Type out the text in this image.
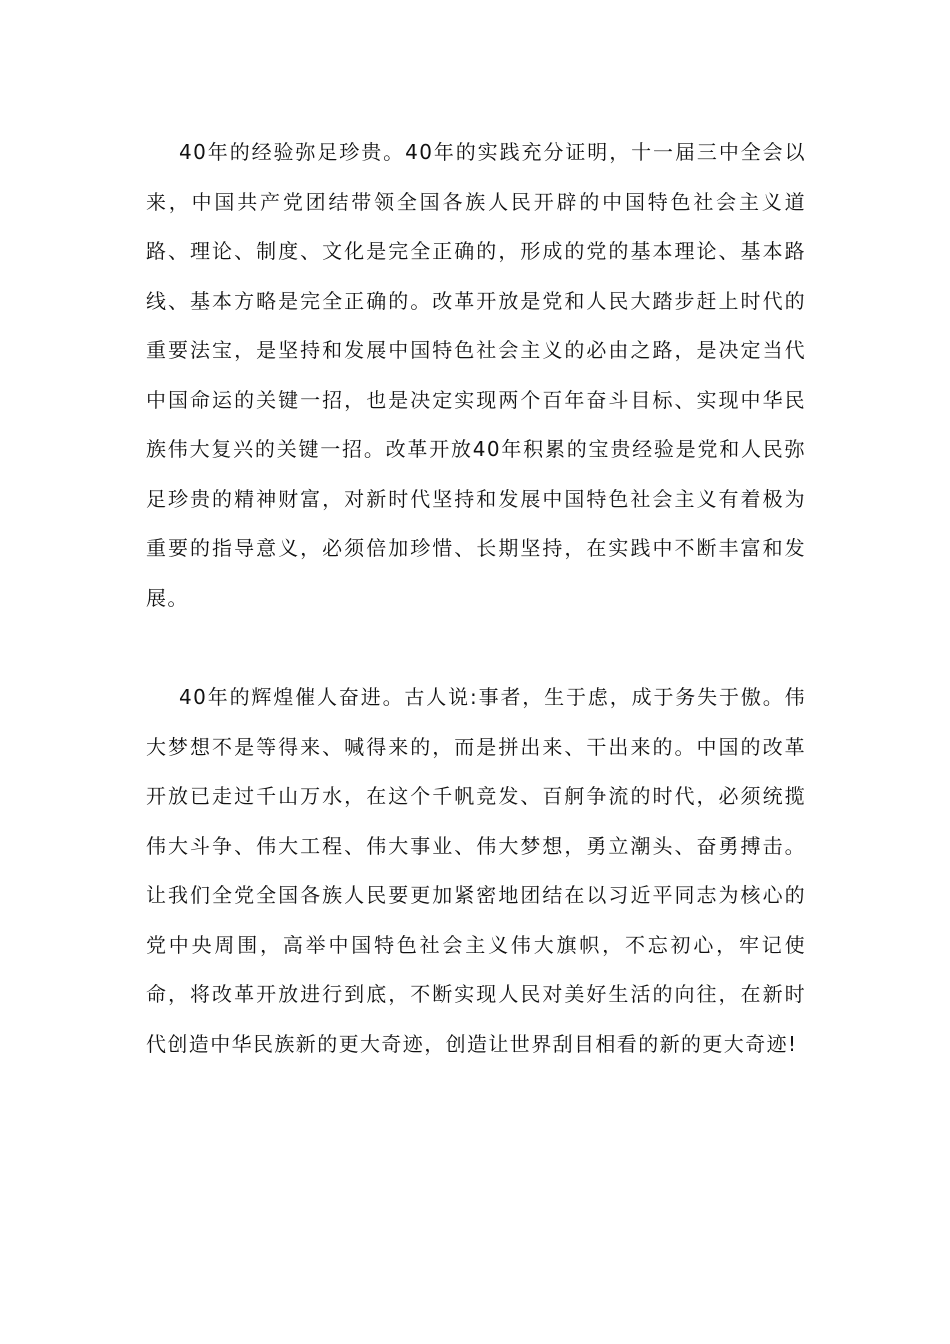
40年的经验弥足珍贵。40年的实践充分证明，十一届三中全会以来，中国共产党团结带领全国各族人民开辟的中国特色社会主义道路、理论、制度、文化是完全正确的，形成的党的基本理论、基本路线、基本方略是完全正确的。改革开放是党和人民大踏步赶上时代的重要法宝，是坚持和发展中国特色社会主义的必由之路，是决定当代中国命运的关键一招，也是决定实现两个百年奋斗目标、实现中华民族伟大复兴的关键一招。改革开放40年积累的宝贵经验是党和人民弥足珍贵的精神财富，对新时代坚持和发展中国特色社会主义有着极为重要的指导意义，必须倍加珍惜、长期坚持，在实践中不断丰富和发展。

40年的辉煌催人奋进。古人说:事者，生于虑，成于务失于傲。伟大梦想不是等得来、喊得来的，而是拼出来、干出来的。中国的改革开放已走过千山万水，在这个千帆竞发、百舸争流的时代，必须统揽伟大斗争、伟大工程、伟大事业、伟大梦想，勇立潮头、奋勇搏击。让我们全党全国各族人民要更加紧密地团结在以习近平同志为核心的党中央周围，高举中国特色社会主义伟大旗帜，不忘初心，牢记使命，将改革开放进行到底，不断实现人民对美好生活的向往，在新时代创造中华民族新的更大奇迹，创造让世界刮目相看的新的更大奇迹!
